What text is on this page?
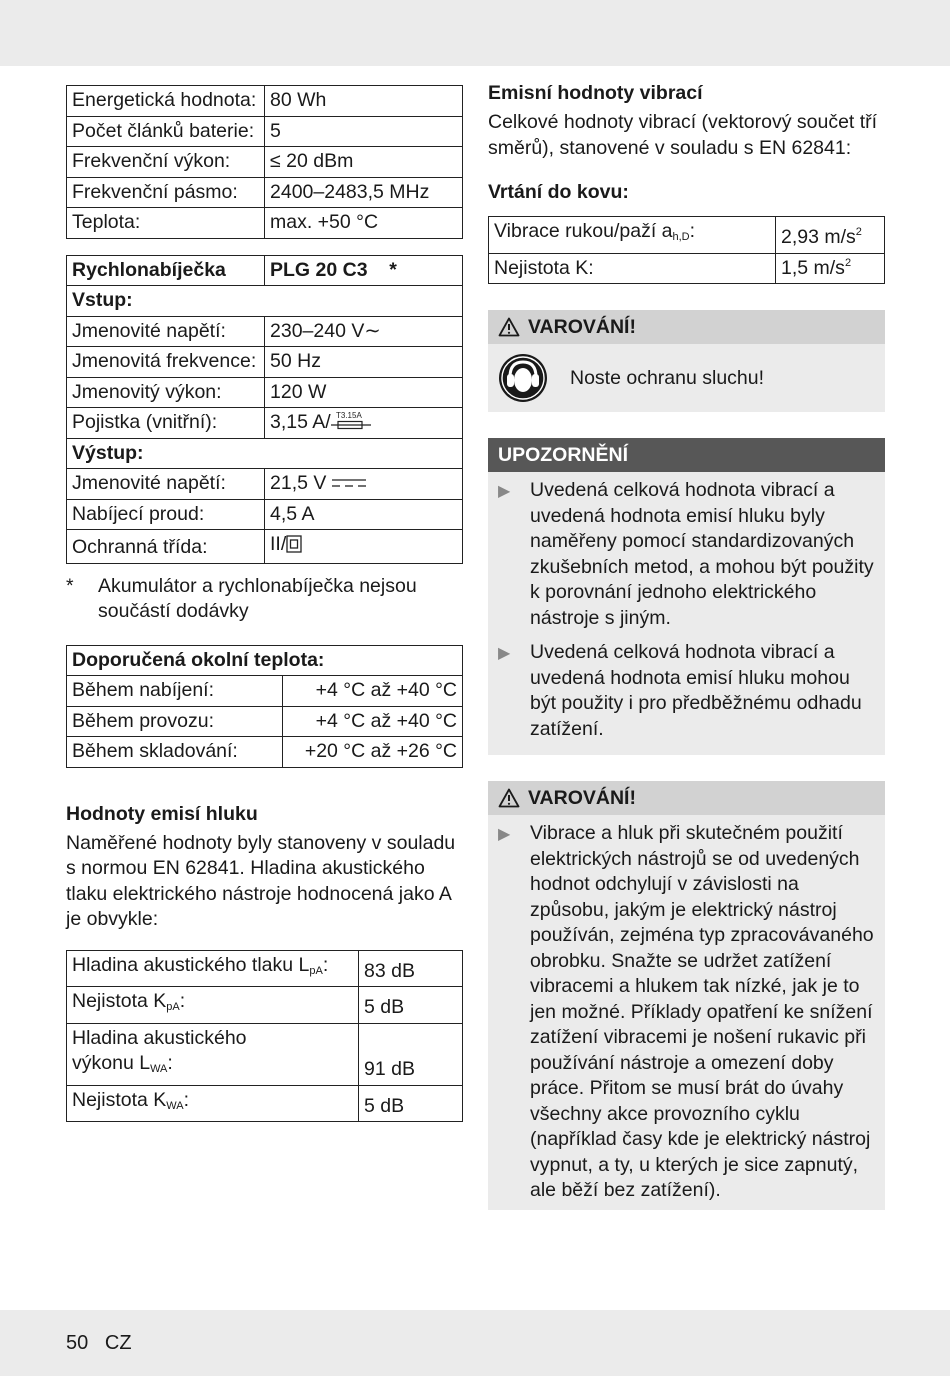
Energetická hodnota:	80 Wh
Počet článků baterie:	5
Frekvenční výkon:	≤ 20 dBm
Frekvenční pásmo:	2400–2483,5 MHz
Teplota:	max. +50 °C
Rychlonabíječka	PLG 20 C3    *
Vstup:	
Jmenovité napětí:	230–240 V∼
Jmenovitá frekvence:	50 Hz
Jmenovitý výkon:	120 W
Pojistka (vnitřní):	3,15 A/ T3.15A

Výstup:	
Jmenovité napětí:	21,5 V
Nabíjecí proud:	4,5 A
Ochranná třída:	II/
*	Akumulátor a rychlonabíječka nejsou součástí dodávky
Doporučená okolní teplota:	
Během nabíjení:	+4 °C až +40 °C
Během provozu:	+4 °C až +40 °C
Během skladování:	+20 °C až +26 °C
Hodnoty emisí hluku

Naměřené hodnoty byly stanoveny v souladu s normou EN 62841. Hladina akustického tlaku elektrického nástroje hodnocená jako A je obvykle:

Hladina akustického tlaku $L_{pA}$:	83 dB
Nejistota $K_{pA}$:	5 dB
Hladina akustického výkonu $L_{WA}$:	91 dB
Nejistota $K_{WA}$:	5 dB
Emisní hodnoty vibrací

Celkové hodnoty vibrací (vektorový součet tří směrů), stanovené v souladu s EN 62841:

Vrtání do kovu:
Vibrace rukou/paží $a_{h,D}$:	2,93 $m/s^2$
Nejistota K:	1,5 $m/s^2$
VAROVÁNÍ!
Noste ochranu sluchu!
UPOZORNĚNÍ
▶	Uvedená celková hodnota vibrací a uvedená hodnota emisí hluku byly naměřeny pomocí standardizovaných zkušebních metod, a mohou být použity k porovnání jednoho elektrického nástroje s jiným.
▶	Uvedená celková hodnota vibrací a uvedená hodnota emisí hluku mohou být použity i pro předběžnému odhadu zatížení.
VAROVÁNÍ!
▶	Vibrace a hluk při skutečném použití elektrických nástrojů se od uvedených hodnot odchylují v závislosti na způsobu, jakým je elektrický nástroj používán, zejména typ zpracovávaného obrobku. Snažte se udržet zatížení vibracemi a hlukem tak nízké, jak je to jen možné. Příklady opatření ke snížení zatížení vibracemi je nošení rukavic při používání nástroje a omezení doby práce. Přitom se musí brát do úvahy všechny akce provozního cyklu (například časy kde je elektrický nástroj vypnut, a ty, u kterých je sice zapnutý, ale běží bez zatížení).
50 CZ
